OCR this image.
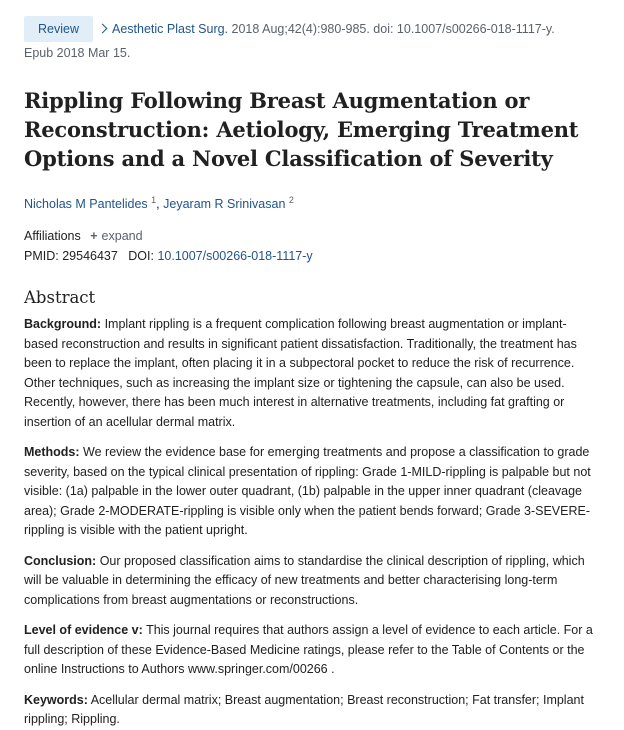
Review	Aesthetic Plast Surg. 2018 Aug;42(4):980-985. doi: 10.1007/s00266-018-1117-y.
Epub 2018 Mar 15.
Rippling Following Breast Augmentation or Reconstruction: Aetiology, Emerging Treatment Options and a Novel Classification of Severity
Nicholas M Pantelides $^1$, Jeyaram R Srinivasan $^2$
Affiliations + expand
PMID: 29546437 DOI: 10.1007/s00266-018-1117-y
Abstract

Background: Implant rippling is a frequent complication following breast augmentation or implant-based reconstruction and results in significant patient dissatisfaction. Traditionally, the treatment has been to replace the implant, often placing it in a subpectoral pocket to reduce the risk of recurrence. Other techniques, such as increasing the implant size or tightening the capsule, can also be used. Recently, however, there has been much interest in alternative treatments, including fat grafting or insertion of an acellular dermal matrix.

Methods: We review the evidence base for emerging treatments and propose a classification to grade severity, based on the typical clinical presentation of rippling: Grade 1-MILD-rippling is palpable but not visible: (1a) palpable in the lower outer quadrant, (1b) palpable in the upper inner quadrant (cleavage area); Grade 2-MODERATE-rippling is visible only when the patient bends forward; Grade 3-SEVERE-rippling is visible with the patient upright.

Conclusion: Our proposed classification aims to standardise the clinical description of rippling, which will be valuable in determining the efficacy of new treatments and better characterising long-term complications from breast augmentations or reconstructions.

Level of evidence v: This journal requires that authors assign a level of evidence to each article. For a full description of these Evidence-Based Medicine ratings, please refer to the Table of Contents or the online Instructions to Authors www.springer.com/00266 .

Keywords: Acellular dermal matrix; Breast augmentation; Breast reconstruction; Fat transfer; Implant rippling; Rippling.
